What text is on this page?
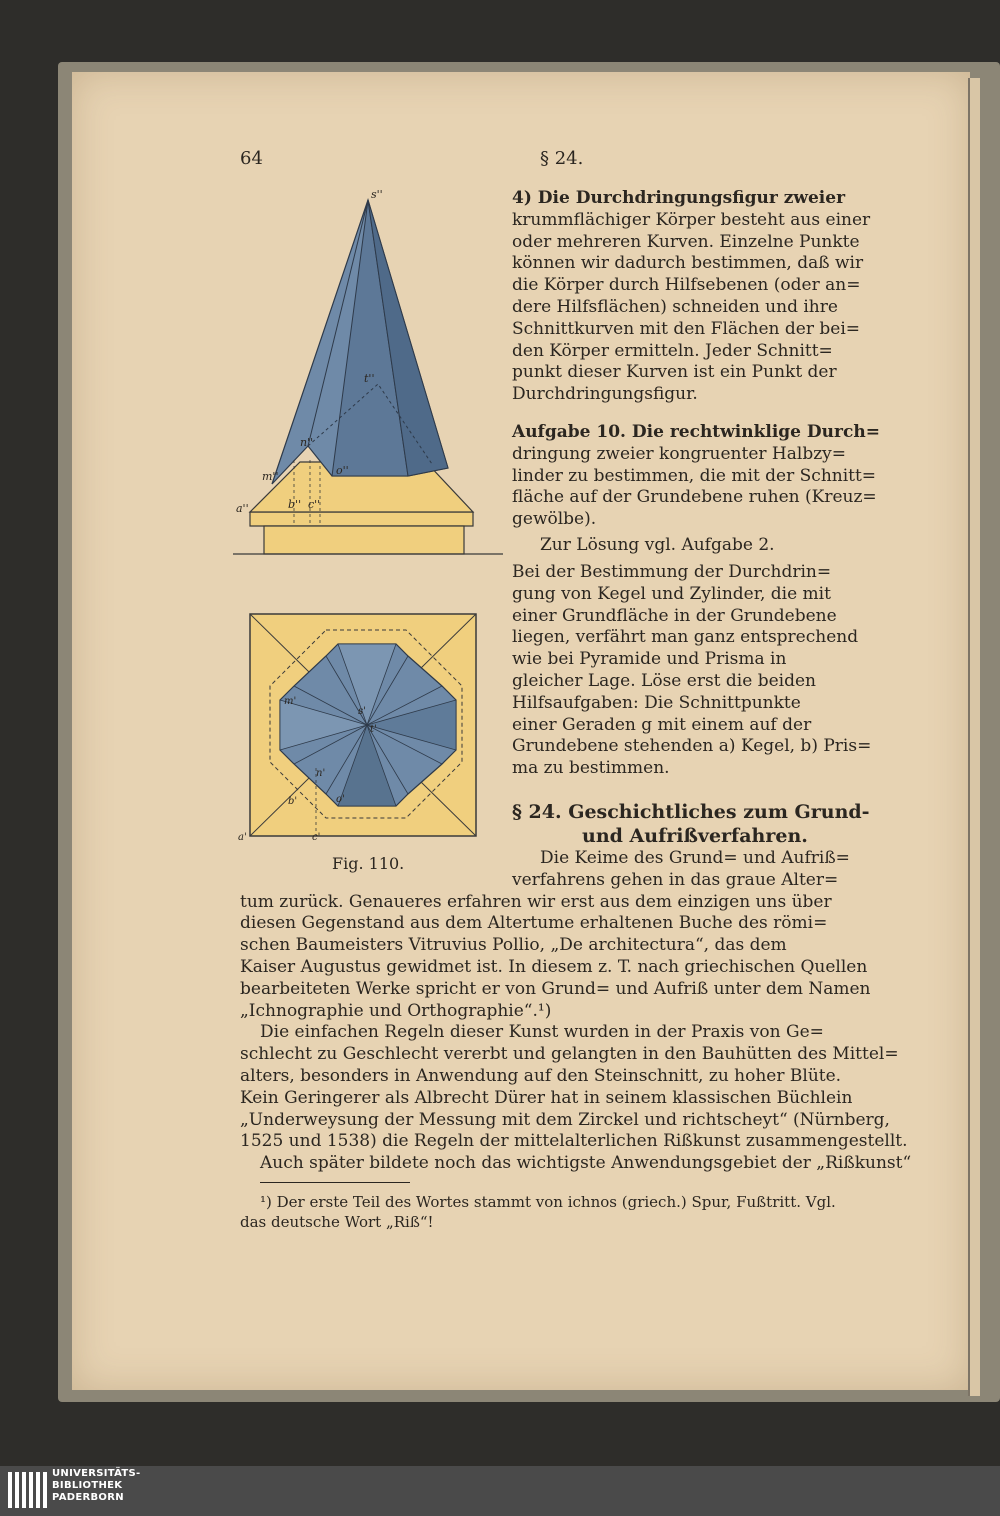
64	§ 24.
4) Die Durchdringungsfigur zweier
krummflächiger Körper besteht aus einer
oder mehreren Kurven. Einzelne Punkte
können wir dadurch bestimmen, daß wir
die Körper durch Hilfsebenen (oder an=
dere Hilfsflächen) schneiden und ihre
Schnittkurven mit den Flächen der bei=
den Körper ermitteln. Jeder Schnitt=
punkt dieser Kurven ist ein Punkt der
Durchdringungsfigur.
Aufgabe 10. Die rechtwinklige Durch=
dringung zweier kongruenter Halbzy=
linder zu bestimmen, die mit der Schnitt=
fläche auf der Grundebene ruhen (Kreuz=
gewölbe).
Zur Lösung vgl. Aufgabe 2.
Bei der Bestimmung der Durchdrin=
gung von Kegel und Zylinder, die mit
einer Grundfläche in der Grundebene
liegen, verfährt man ganz entsprechend
wie bei Pyramide und Prisma in
gleicher Lage. Löse erst die beiden
Hilfsaufgaben: Die Schnittpunkte
einer Geraden g mit einem auf der
Grundebene stehenden a) Kegel, b) Pris=
ma zu bestimmen.
§ 24. Geschichtliches zum Grund-
und Aufrißverfahren.
s''
t''
n''
o''
m''
a''	b'' c''
m'
s'
t'
n'
o'
b'
a'	c'
Fig. 110.	Die Keime des Grund= und Aufriß=
verfahrens gehen in das graue Alter=
tum zurück. Genaueres erfahren wir erst aus dem einzigen uns über
diesen Gegenstand aus dem Altertume erhaltenen Buche des römi=
schen Baumeisters Vitruvius Pollio, „De architectura“, das dem
Kaiser Augustus gewidmet ist. In diesem z. T. nach griechischen Quellen
bearbeiteten Werke spricht er von Grund= und Aufriß unter dem Namen
„Ichnographie und Orthographie“.¹)
Die einfachen Regeln dieser Kunst wurden in der Praxis von Ge=
schlecht zu Geschlecht vererbt und gelangten in den Bauhütten des Mittel=
alters, besonders in Anwendung auf den Steinschnitt, zu hoher Blüte.
Kein Geringerer als Albrecht Dürer hat in seinem klassischen Büchlein
„Underweysung der Messung mit dem Zirckel und richtscheyt“ (Nürnberg,
1525 und 1538) die Regeln der mittelalterlichen Rißkunst zusammengestellt.
Auch später bildete noch das wichtigste Anwendungsgebiet der „Rißkunst“
¹) Der erste Teil des Wortes stammt von ichnos (griech.) Spur, Fußtritt. Vgl.
das deutsche Wort „Riß“!
UNIVERSITÄTS-
BIBLIOTHEK
PADERBORN
